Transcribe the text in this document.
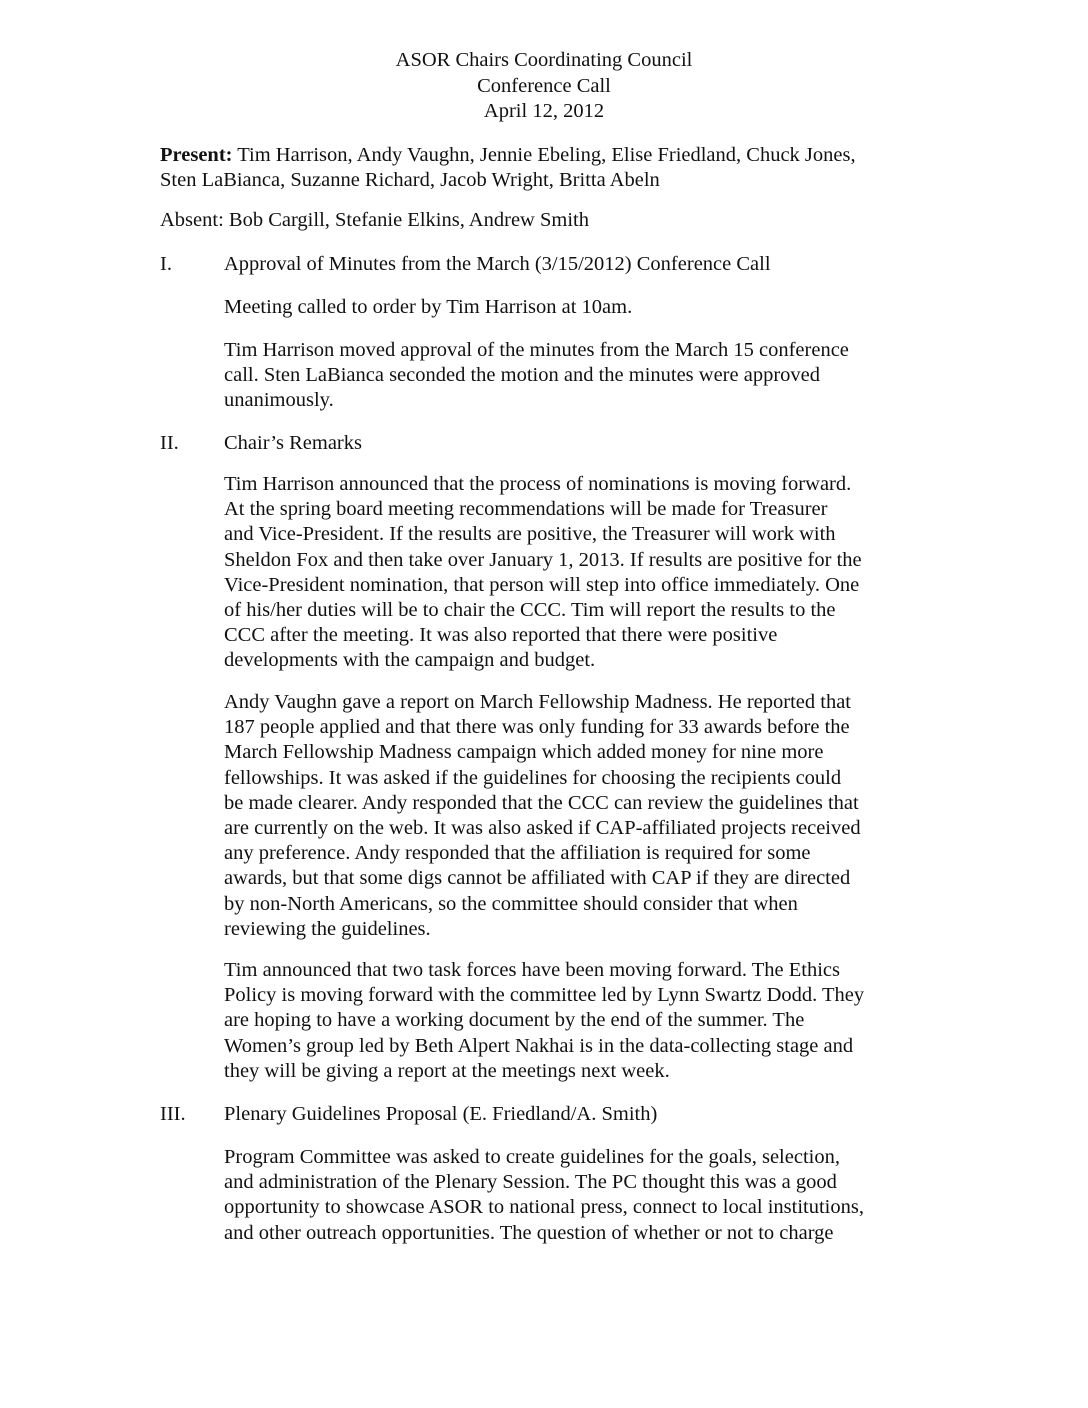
ASOR Chairs Coordinating Council
Conference Call
April 12, 2012
Present: Tim Harrison, Andy Vaughn, Jennie Ebeling, Elise Friedland, Chuck Jones,
Sten LaBianca, Suzanne Richard, Jacob Wright, Britta Abeln
Absent: Bob Cargill, Stefanie Elkins, Andrew Smith
I.	Approval of Minutes from the March (3/15/2012) Conference Call
Meeting called to order by Tim Harrison at 10am.
Tim Harrison moved approval of the minutes from the March 15 conference
call. Sten LaBianca seconded the motion and the minutes were approved
unanimously.
II. Chair’s Remarks
Tim Harrison announced that the process of nominations is moving forward.
At the spring board meeting recommendations will be made for Treasurer
and Vice-President. If the results are positive, the Treasurer will work with
Sheldon Fox and then take over January 1, 2013. If results are positive for the
Vice-President nomination, that person will step into office immediately. One
of his/her duties will be to chair the CCC. Tim will report the results to the
CCC after the meeting. It was also reported that there were positive
developments with the campaign and budget.
Andy Vaughn gave a report on March Fellowship Madness. He reported that
187 people applied and that there was only funding for 33 awards before the
March Fellowship Madness campaign which added money for nine more
fellowships. It was asked if the guidelines for choosing the recipients could
be made clearer. Andy responded that the CCC can review the guidelines that
are currently on the web. It was also asked if CAP-affiliated projects received
any preference. Andy responded that the affiliation is required for some
awards, but that some digs cannot be affiliated with CAP if they are directed
by non-North Americans, so the committee should consider that when
reviewing the guidelines.
Tim announced that two task forces have been moving forward. The Ethics
Policy is moving forward with the committee led by Lynn Swartz Dodd. They
are hoping to have a working document by the end of the summer. The
Women’s group led by Beth Alpert Nakhai is in the data-collecting stage and
they will be giving a report at the meetings next week.
III. Plenary Guidelines Proposal (E. Friedland/A. Smith)
Program Committee was asked to create guidelines for the goals, selection,
and administration of the Plenary Session. The PC thought this was a good
opportunity to showcase ASOR to national press, connect to local institutions,
and other outreach opportunities. The question of whether or not to charge
